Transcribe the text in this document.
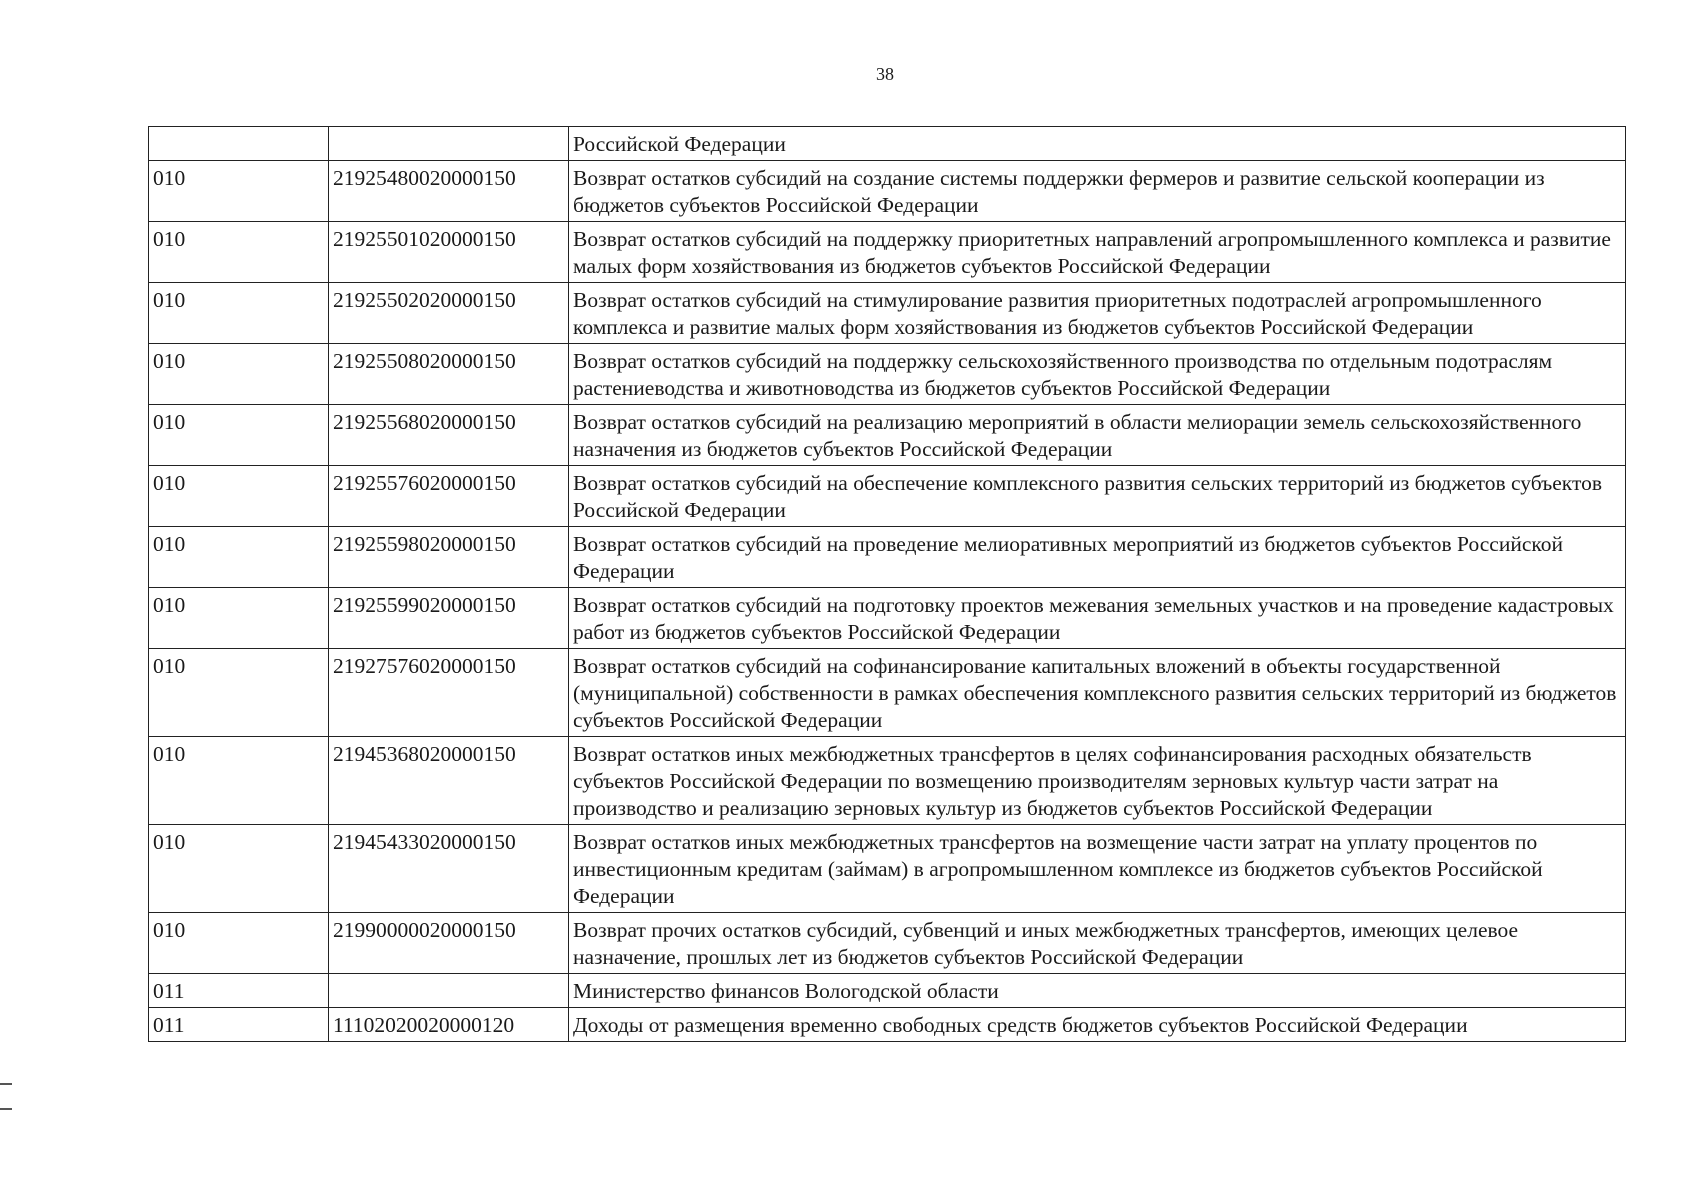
38
		Российской Федерации
010	21925480020000150	Возврат остатков субсидий на создание системы поддержки фермеров и развитие сельской кооперации из бюджетов субъектов Российской Федерации
010	21925501020000150	Возврат остатков субсидий на поддержку приоритетных направлений агропромышленного комплекса и развитие малых форм хозяйствования из бюджетов субъектов Российской Федерации
010	21925502020000150	Возврат остатков субсидий на стимулирование развития приоритетных подотраслей агропромышленного комплекса и развитие малых форм хозяйствования из бюджетов субъектов Российской Федерации
010	21925508020000150	Возврат остатков субсидий на поддержку сельскохозяйственного производства по отдельным подотраслям растениеводства и животноводства из бюджетов субъектов Российской Федерации
010	21925568020000150	Возврат остатков субсидий на реализацию мероприятий в области мелиорации земель сельскохозяйственного назначения из бюджетов субъектов Российской Федерации
010	21925576020000150	Возврат остатков субсидий на обеспечение комплексного развития сельских территорий из бюджетов субъектов Российской Федерации
010	21925598020000150	Возврат остатков субсидий на проведение мелиоративных мероприятий из бюджетов субъектов Российской Федерации
010	21925599020000150	Возврат остатков субсидий на подготовку проектов межевания земельных участков и на проведение кадастровых работ из бюджетов субъектов Российской Федерации
010	21927576020000150	Возврат остатков субсидий на софинансирование капитальных вложений в объекты государственной (муниципальной) собственности в рамках обеспечения комплексного развития сельских территорий из бюджетов субъектов Российской Федерации
010	21945368020000150	Возврат остатков иных межбюджетных трансфертов в целях софинансирования расходных обязательств субъектов Российской Федерации по возмещению производителям зерновых культур части затрат на производство и реализацию зерновых культур из бюджетов субъектов Российской Федерации
010	21945433020000150	Возврат остатков иных межбюджетных трансфертов на возмещение части затрат на уплату процентов по инвестиционным кредитам (займам) в агропромышленном комплексе из бюджетов субъектов Российской Федерации
010	21990000020000150	Возврат прочих остатков субсидий, субвенций и иных межбюджетных трансфертов, имеющих целевое назначение, прошлых лет из бюджетов субъектов Российской Федерации
011		Министерство финансов Вологодской области
011	11102020020000120	Доходы от размещения временно свободных средств бюджетов субъектов Российской Федерации
